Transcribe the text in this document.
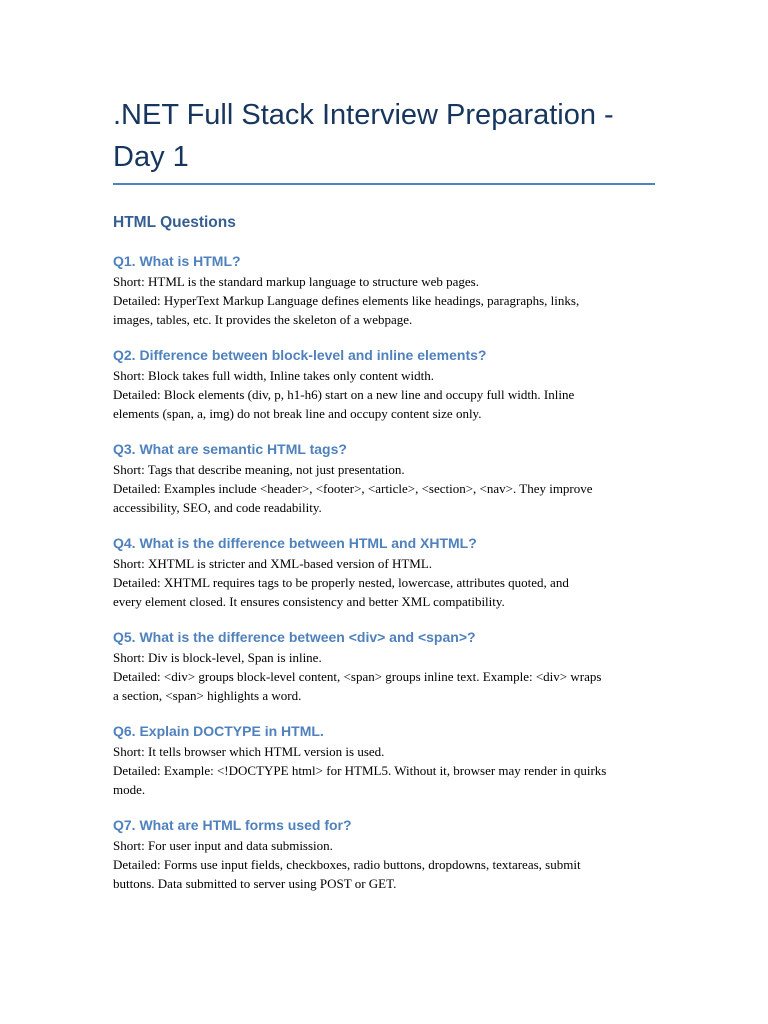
.NET Full Stack Interview Preparation -
Day 1
HTML Questions

Q1. What is HTML?

Short: HTML is the standard markup language to structure web pages.

Detailed: HyperText Markup Language defines elements like headings, paragraphs, links,

images, tables, etc. It provides the skeleton of a webpage.

Q2. Difference between block-level and inline elements?

Short: Block takes full width, Inline takes only content width.

Detailed: Block elements (div, p, h1-h6) start on a new line and occupy full width. Inline

elements (span, a, img) do not break line and occupy content size only.

Q3. What are semantic HTML tags?

Short: Tags that describe meaning, not just presentation.

Detailed: Examples include <header>, <footer>, <article>, <section>, <nav>. They improve

accessibility, SEO, and code readability.

Q4. What is the difference between HTML and XHTML?

Short: XHTML is stricter and XML-based version of HTML.

Detailed: XHTML requires tags to be properly nested, lowercase, attributes quoted, and

every element closed. It ensures consistency and better XML compatibility.

Q5. What is the difference between <div> and <span>?

Short: Div is block-level, Span is inline.

Detailed: <div> groups block-level content, <span> groups inline text. Example: <div> wraps

a section, <span> highlights a word.

Q6. Explain DOCTYPE in HTML.

Short: It tells browser which HTML version is used.

Detailed: Example: <!DOCTYPE html> for HTML5. Without it, browser may render in quirks

mode.

Q7. What are HTML forms used for?

Short: For user input and data submission.

Detailed: Forms use input fields, checkboxes, radio buttons, dropdowns, textareas, submit

buttons. Data submitted to server using POST or GET.
